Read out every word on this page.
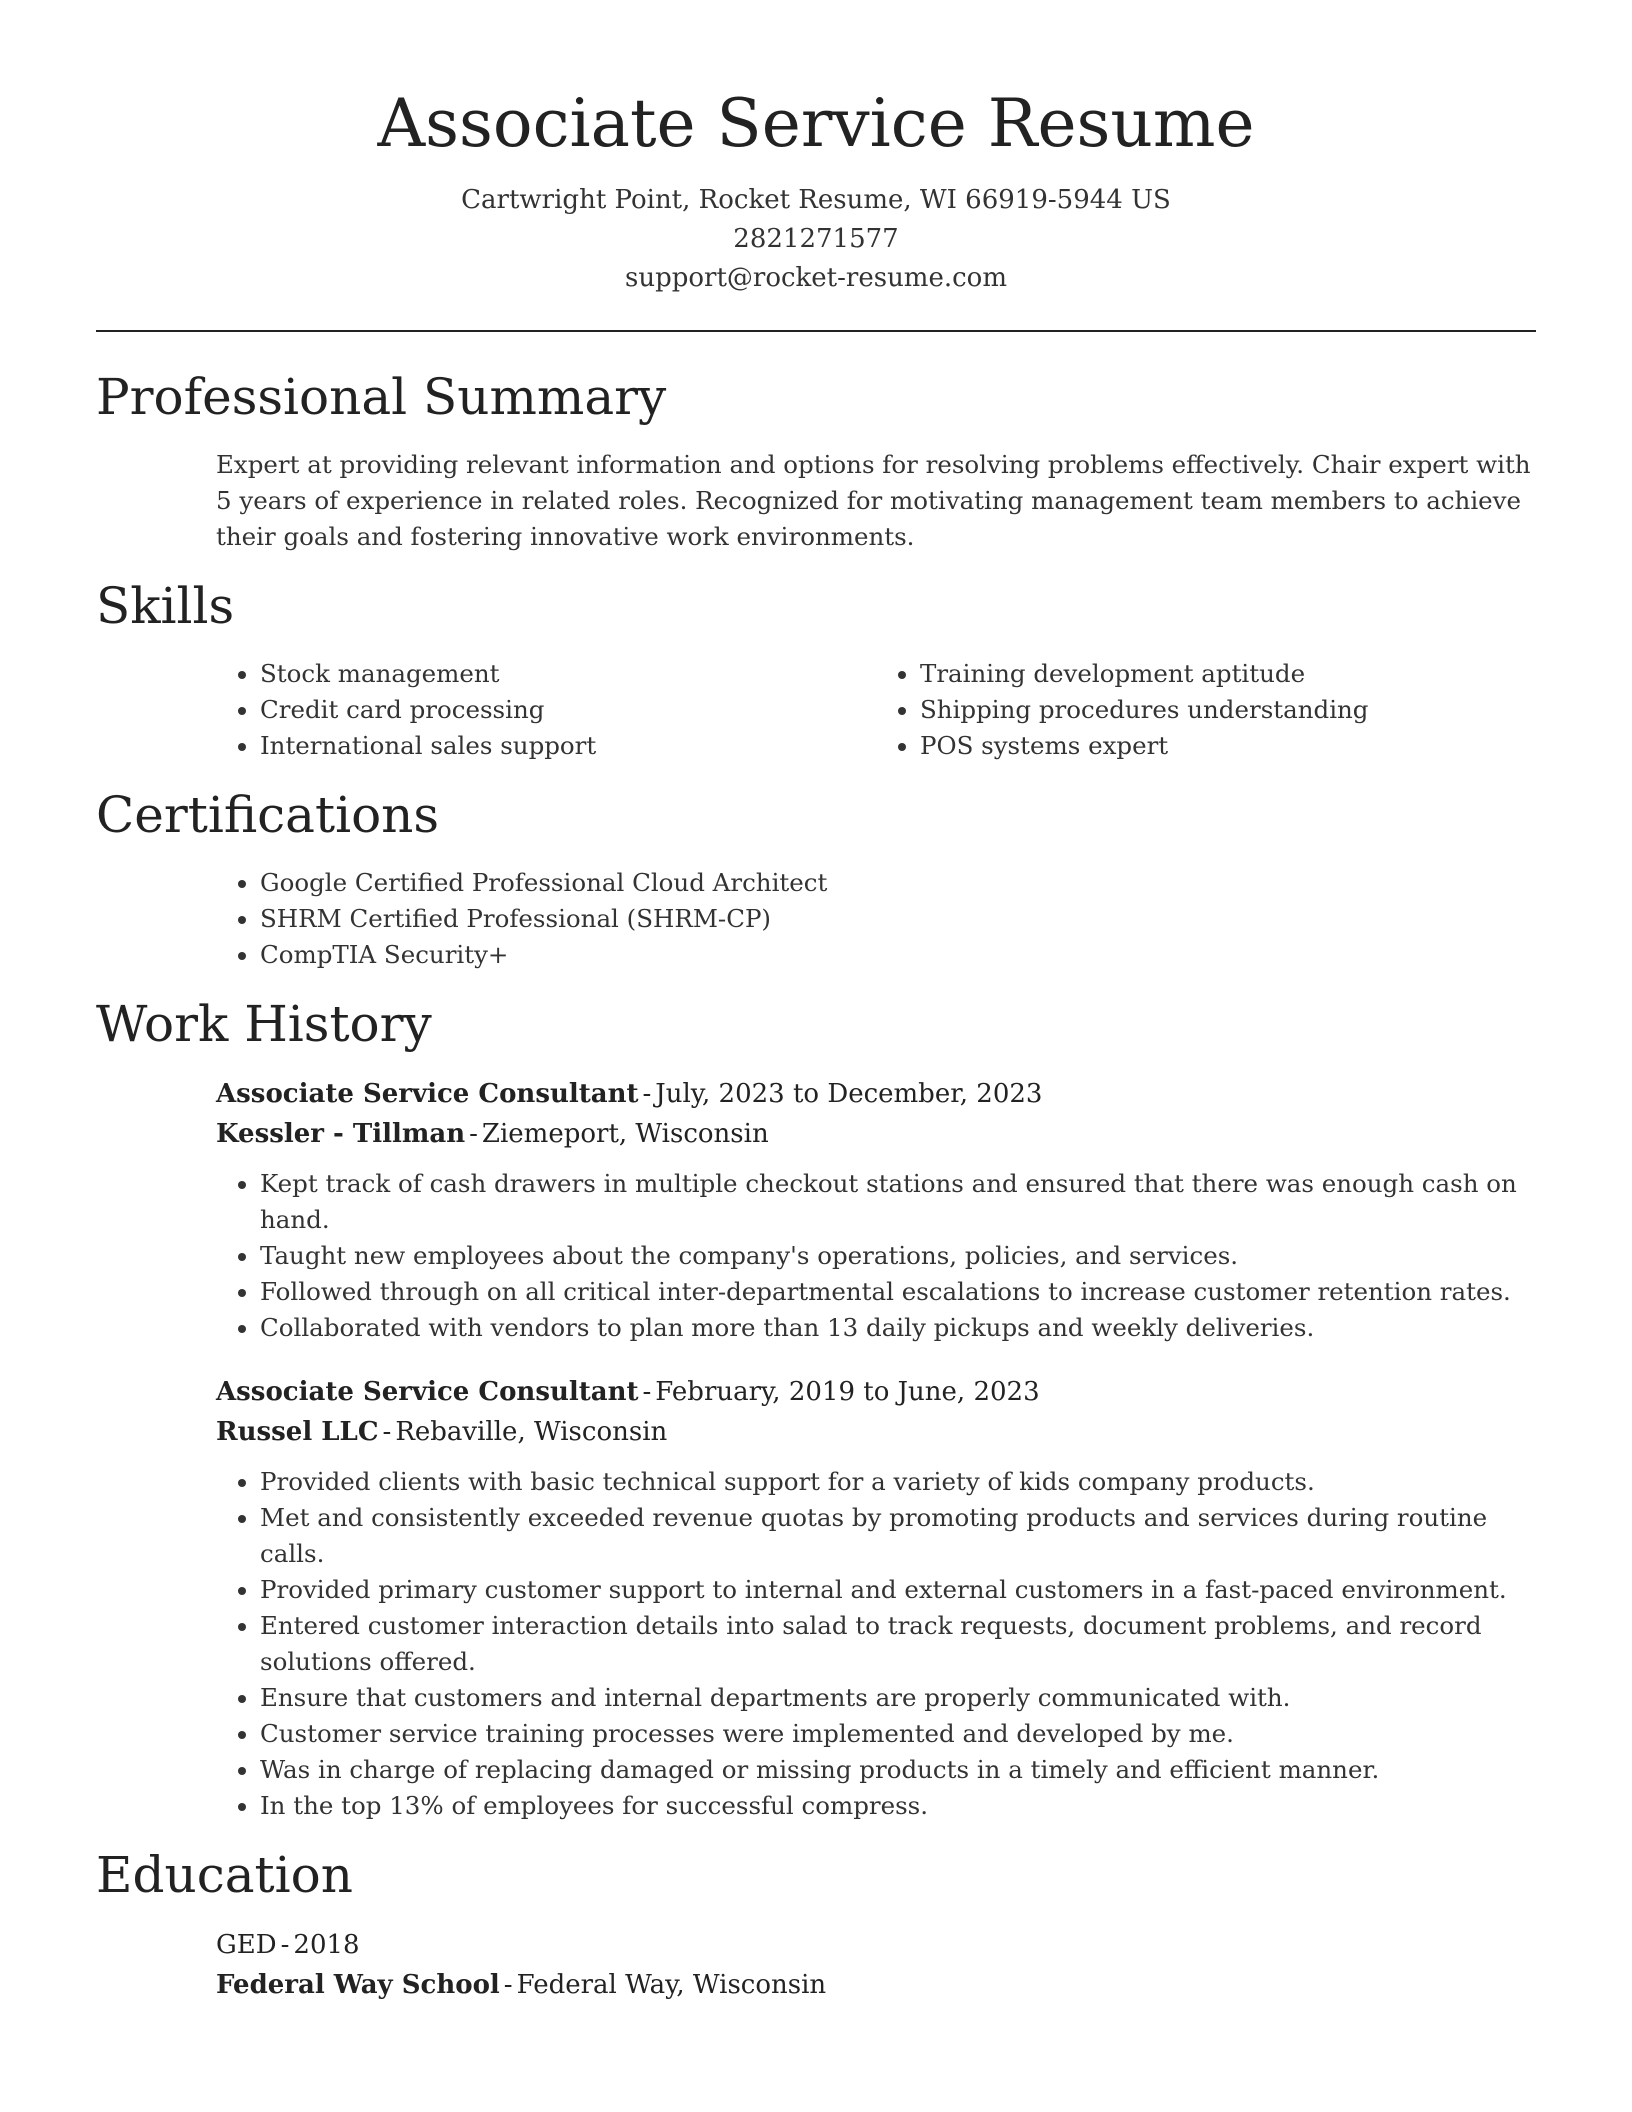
Associate Service Resume
Cartwright Point, Rocket Resume, WI 66919-5944 US
2821271577
support@rocket-resume.com
Professional Summary

Expert at providing relevant information and options for resolving problems effectively. Chair expert with 5 years of experience in related roles. Recognized for motivating management team members to achieve their goals and fostering innovative work environments.

Skills
• Stock management
• Credit card processing
• International sales support
• Training development aptitude
• Shipping procedures understanding
• POS systems expert
Certifications
• Google Certified Professional Cloud Architect
• SHRM Certified Professional (SHRM-CP)
• CompTIA Security+
Work History
Associate Service Consultant - July, 2023 to December, 2023
Kessler - Tillman - Ziemeport, Wisconsin
• Kept track of cash drawers in multiple checkout stations and ensured that there was enough cash on hand.
• Taught new employees about the company's operations, policies, and services.
• Followed through on all critical inter-departmental escalations to increase customer retention rates.
• Collaborated with vendors to plan more than 13 daily pickups and weekly deliveries.
Associate Service Consultant - February, 2019 to June, 2023
Russel LLC - Rebaville, Wisconsin
• Provided clients with basic technical support for a variety of kids company products.
• Met and consistently exceeded revenue quotas by promoting products and services during routine calls.
• Provided primary customer support to internal and external customers in a fast-paced environment.
• Entered customer interaction details into salad to track requests, document problems, and record solutions offered.
• Ensure that customers and internal departments are properly communicated with.
• Customer service training processes were implemented and developed by me.
• Was in charge of replacing damaged or missing products in a timely and efficient manner.
• In the top 13% of employees for successful compress.
Education
GED - 2018
Federal Way School - Federal Way, Wisconsin
